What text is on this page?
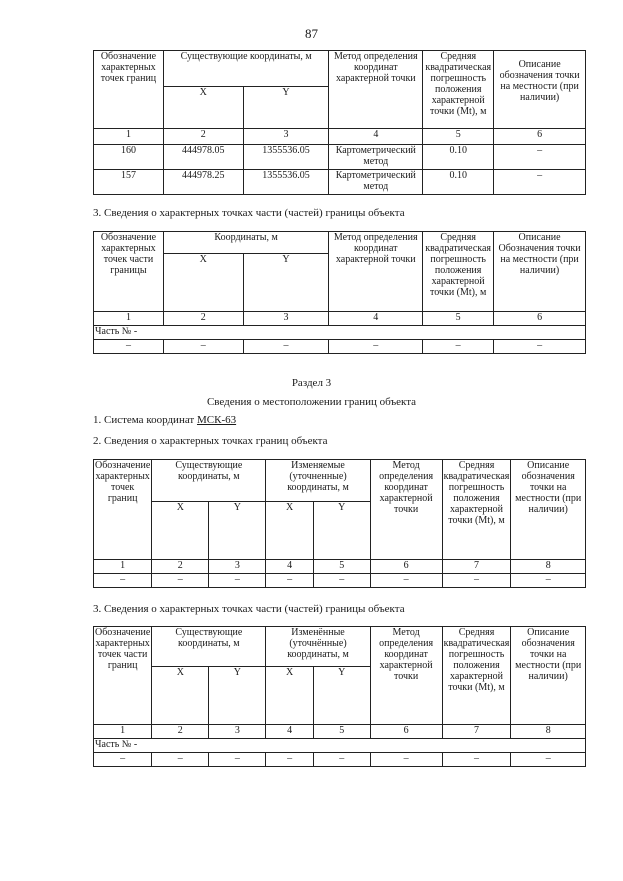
87
Обозначение характерных точек границ	Существующие координаты, м		Метод определения координат характерной точки	Средняя квадратическая погрешность положения характерной точки (Mt), м	Описание обозначения точки на местности (при наличии)
	X	Y			
1	2	3	4	5	6
160	444978.05	1355536.05	Картометрический метод	0.10	–
157	444978.25	1355536.05	Картометрический метод	0.10	–
3. Сведения о характерных точках части (частей) границы объекта
Обозначение характерных точек части границы	Координаты, м		Метод определения координат характерной точки	Средняя квадратическая погрешность положения характерной точки (Mt), м	Описание Обозначения точки на местности (при наличии)
	X	Y			
1	2	3	4	5	6
Часть № -					
–	–	–	–	–	–
Раздел 3
Сведения о местоположении границ объекта
1. Система координат МСК-63
2. Сведения о характерных точках границ объекта
Обозначение характерных точек границ	Существующие координаты, м		Изменяемые (уточненные) координаты, м		Метод определения координат характерной точки	Средняя квадратическая погрешность положения характерной точки (Mt), м	Описание обозначения точки на местности (при наличии)
	X	Y	X	Y			
1	2	3	4	5	6	7	8
–	–	–	–	–	–	–	–
3. Сведения о характерных точках части (частей) границы объекта
Обозначение характерных точек части границ	Существующие координаты, м		Изменённые (уточнённые) координаты, м		Метод определения координат характерной точки	Средняя квадратическая погрешность положения характерной точки (Mt), м	Описание обозначения точки на местности (при наличии)
	X	Y	X	Y			
1	2	3	4	5	6	7	8
Часть № -							
–	–	–	–	–	–	–	–
